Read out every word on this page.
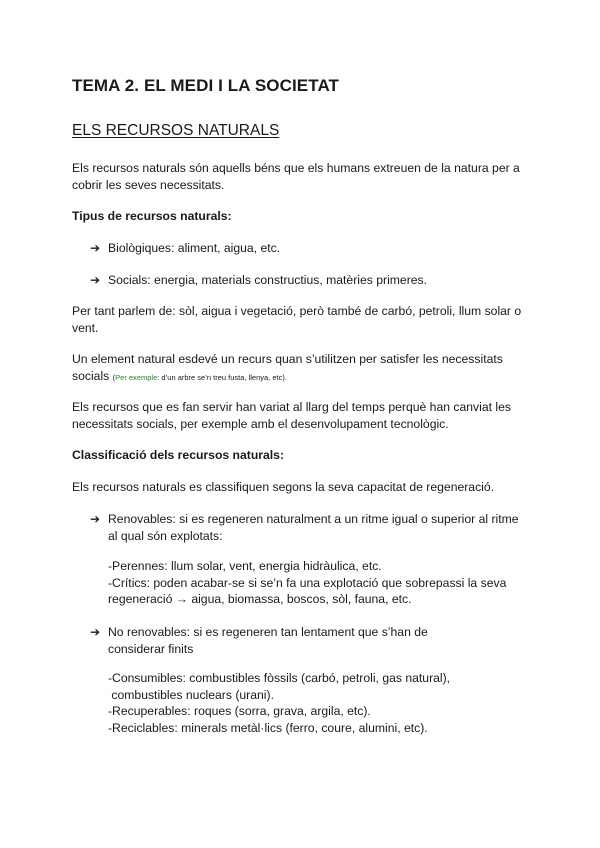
TEMA 2. EL MEDI I LA SOCIETAT
ELS RECURSOS NATURALS
Els recursos naturals són aquells béns que els humans extreuen de la natura per a
cobrir les seves necessitats.
Tipus de recursos naturals:
➔ Biològiques: aliment, aigua, etc.
➔ Socials: energia, materials constructius, matèries primeres.
Per tant parlem de: sòl, aigua i vegetació, però també de carbó, petroli, llum solar o
vent.
Un element natural esdevé un recurs quan s’utilitzen per satisfer les necessitats
socials (Per exemple: d’un arbre se’n treu fusta, llenya, etc).
Els recursos que es fan servir han variat al llarg del temps perquè han canviat les
necessitats socials, per exemple amb el desenvolupament tecnològic.
Classificació dels recursos naturals:
Els recursos naturals es classifiquen segons la seva capacitat de regeneració.
➔ Renovables: si es regeneren naturalment a un ritme igual o superior al ritme
al qual són explotats:
-Perennes: llum solar, vent, energia hidràulica, etc.
-Crítics: poden acabar-se si se’n fa una explotació que sobrepassi la seva
regeneració → aigua, biomassa, boscos, sòl, fauna, etc.
➔ No renovables: si es regeneren tan lentament que s’han de
considerar finits
-Consumibles: combustibles fòssils (carbó, petroli, gas natural),
combustibles nuclears (urani).
-Recuperables: roques (sorra, grava, argila, etc).
-Reciclables: minerals metàl·lics (ferro, coure, alumini, etc).
